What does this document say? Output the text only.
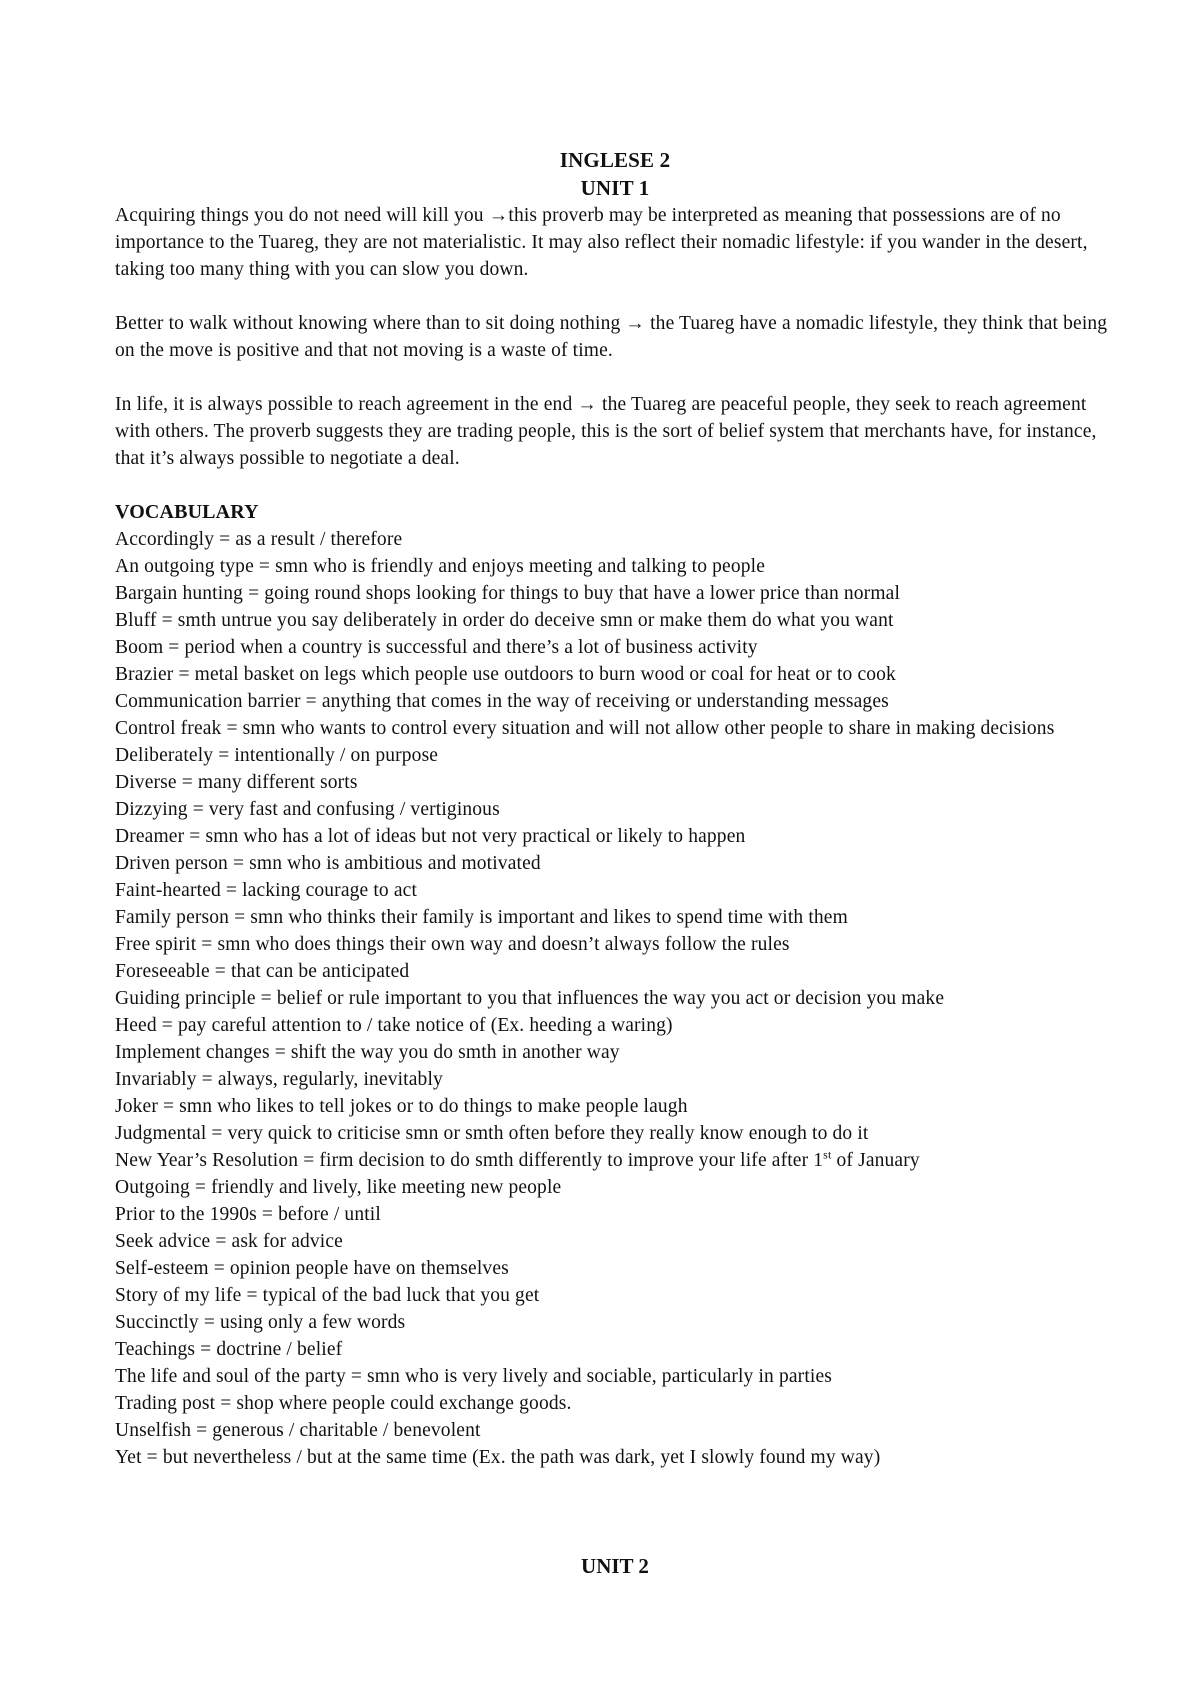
INGLESE 2

UNIT 1

Acquiring things you do not need will kill you →this proverb may be interpreted as meaning that possessions are of no importance to the Tuareg, they are not materialistic. It may also reflect their nomadic lifestyle: if you wander in the desert, taking too many thing with you can slow you down.

Better to walk without knowing where than to sit doing nothing → the Tuareg have a nomadic lifestyle, they think that being on the move is positive and that not moving is a waste of time.

In life, it is always possible to reach agreement in the end → the Tuareg are peaceful people, they seek to reach agreement with others. The proverb suggests they are trading people, this is the sort of belief system that merchants have, for instance, that it’s always possible to negotiate a deal.

VOCABULARY

Accordingly = as a result / therefore
An outgoing type = smn who is friendly and enjoys meeting and talking to people
Bargain hunting = going round shops looking for things to buy that have a lower price than normal
Bluff = smth untrue you say deliberately in order do deceive smn or make them do what you want
Boom = period when a country is successful and there’s a lot of business activity
Brazier = metal basket on legs which people use outdoors to burn wood or coal for heat or to cook
Communication barrier = anything that comes in the way of receiving or understanding messages
Control freak = smn who wants to control every situation and will not allow other people to share in making decisions
Deliberately = intentionally / on purpose
Diverse = many different sorts
Dizzying = very fast and confusing / vertiginous
Dreamer = smn who has a lot of ideas but not very practical or likely to happen
Driven person = smn who is ambitious and motivated
Faint-hearted = lacking courage to act
Family person = smn who thinks their family is important and likes to spend time with them
Free spirit = smn who does things their own way and doesn’t always follow the rules
Foreseeable = that can be anticipated
Guiding principle = belief or rule important to you that influences the way you act or decision you make
Heed = pay careful attention to / take notice of (Ex. heeding a waring)
Implement changes = shift the way you do smth in another way
Invariably = always, regularly, inevitably
Joker = smn who likes to tell jokes or to do things to make people laugh
Judgmental = very quick to criticise smn or smth often before they really know enough to do it
New Year’s Resolution = firm decision to do smth differently to improve your life after 1st of January
Outgoing = friendly and lively, like meeting new people
Prior to the 1990s = before / until
Seek advice = ask for advice
Self-esteem = opinion people have on themselves
Story of my life = typical of the bad luck that you get
Succinctly = using only a few words
Teachings = doctrine / belief
The life and soul of the party = smn who is very lively and sociable, particularly in parties
Trading post = shop where people could exchange goods.
Unselfish = generous / charitable / benevolent
Yet = but nevertheless / but at the same time (Ex. the path was dark, yet I slowly found my way)

UNIT 2
